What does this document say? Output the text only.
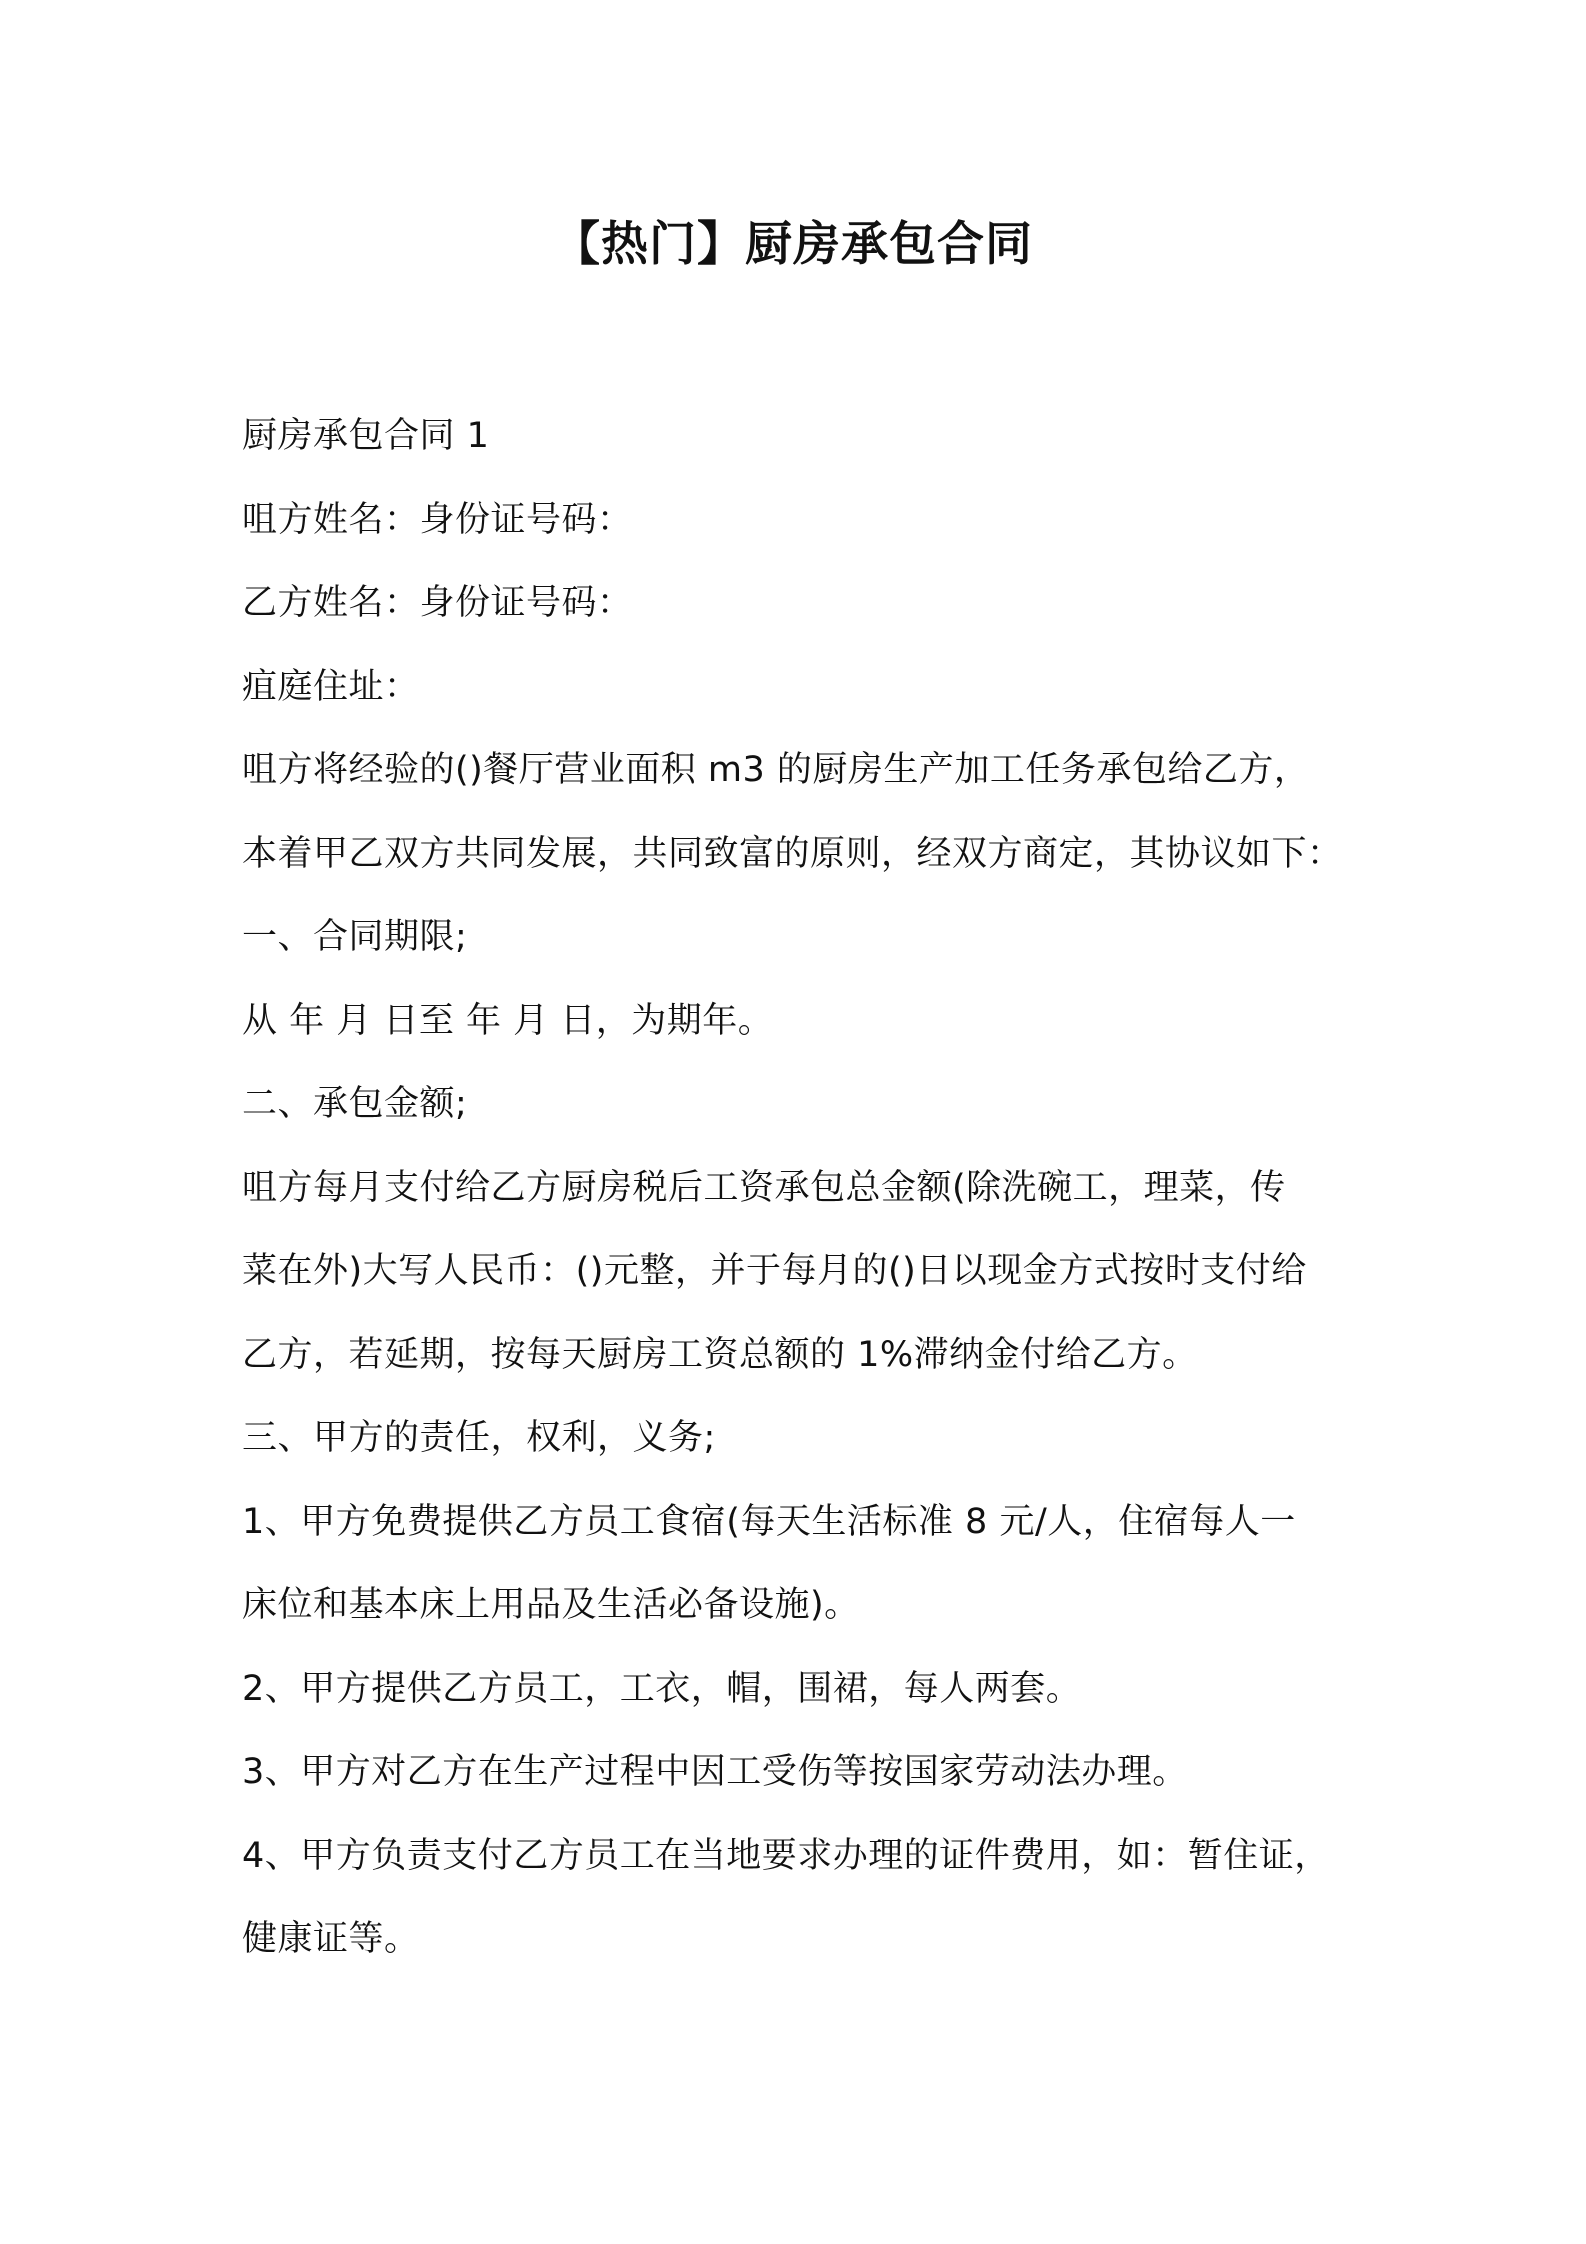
【热门】厨房承包合同
厨房承包合同 1
咀方姓名：身份证号码：
乙方姓名：身份证号码：
疽庭住址：
咀方将经验的()餐厅营业面积 m3 的厨房生产加工任务承包给乙方，
本着甲乙双方共同发展，共同致富的原则，经双方商定，其协议如下：
一、合同期限;
从 年 月 日至 年 月 日，为期年。
二、承包金额;
咀方每月支付给乙方厨房税后工资承包总金额(除洗碗工，理菜，传
菜在外)大写人民币：()元整，并于每月的()日以现金方式按时支付给
乙方，若延期，按每天厨房工资总额的 1%滞纳金付给乙方。
三、甲方的责任，权利，义务;
1、甲方免费提供乙方员工食宿(每天生活标准 8 元/人，住宿每人一
床位和基本床上用品及生活必备设施)。
2、甲方提供乙方员工，工衣，帽，围裙，每人两套。
3、甲方对乙方在生产过程中因工受伤等按国家劳动法办理。
4、甲方负责支付乙方员工在当地要求办理的证件费用，如：暂住证，
健康证等。
